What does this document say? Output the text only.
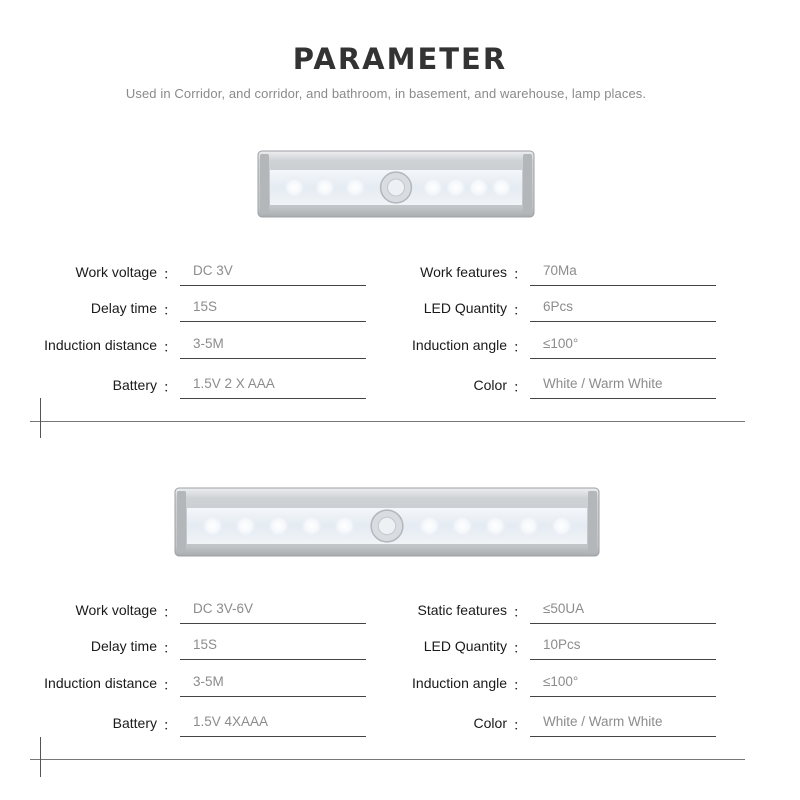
PARAMETER
Used in Corridor, and corridor, and bathroom, in basement, and warehouse, lamp places.
Work voltage ： DC 3V
Delay time ： 15S
Induction distance ： 3-5M
Battery ： 1.5V 2 X AAA
Work features ： 70Ma
LED Quantity ： 6Pcs
Induction angle ： ≤100°
Color ： White / Warm White
Work voltage ： DC 3V-6V
Delay time ： 15S
Induction distance ： 3-5M
Battery ： 1.5V 4XAAA
Static features ： ≤50UA
LED Quantity ： 10Pcs
Induction angle ： ≤100°
Color ： White / Warm White
